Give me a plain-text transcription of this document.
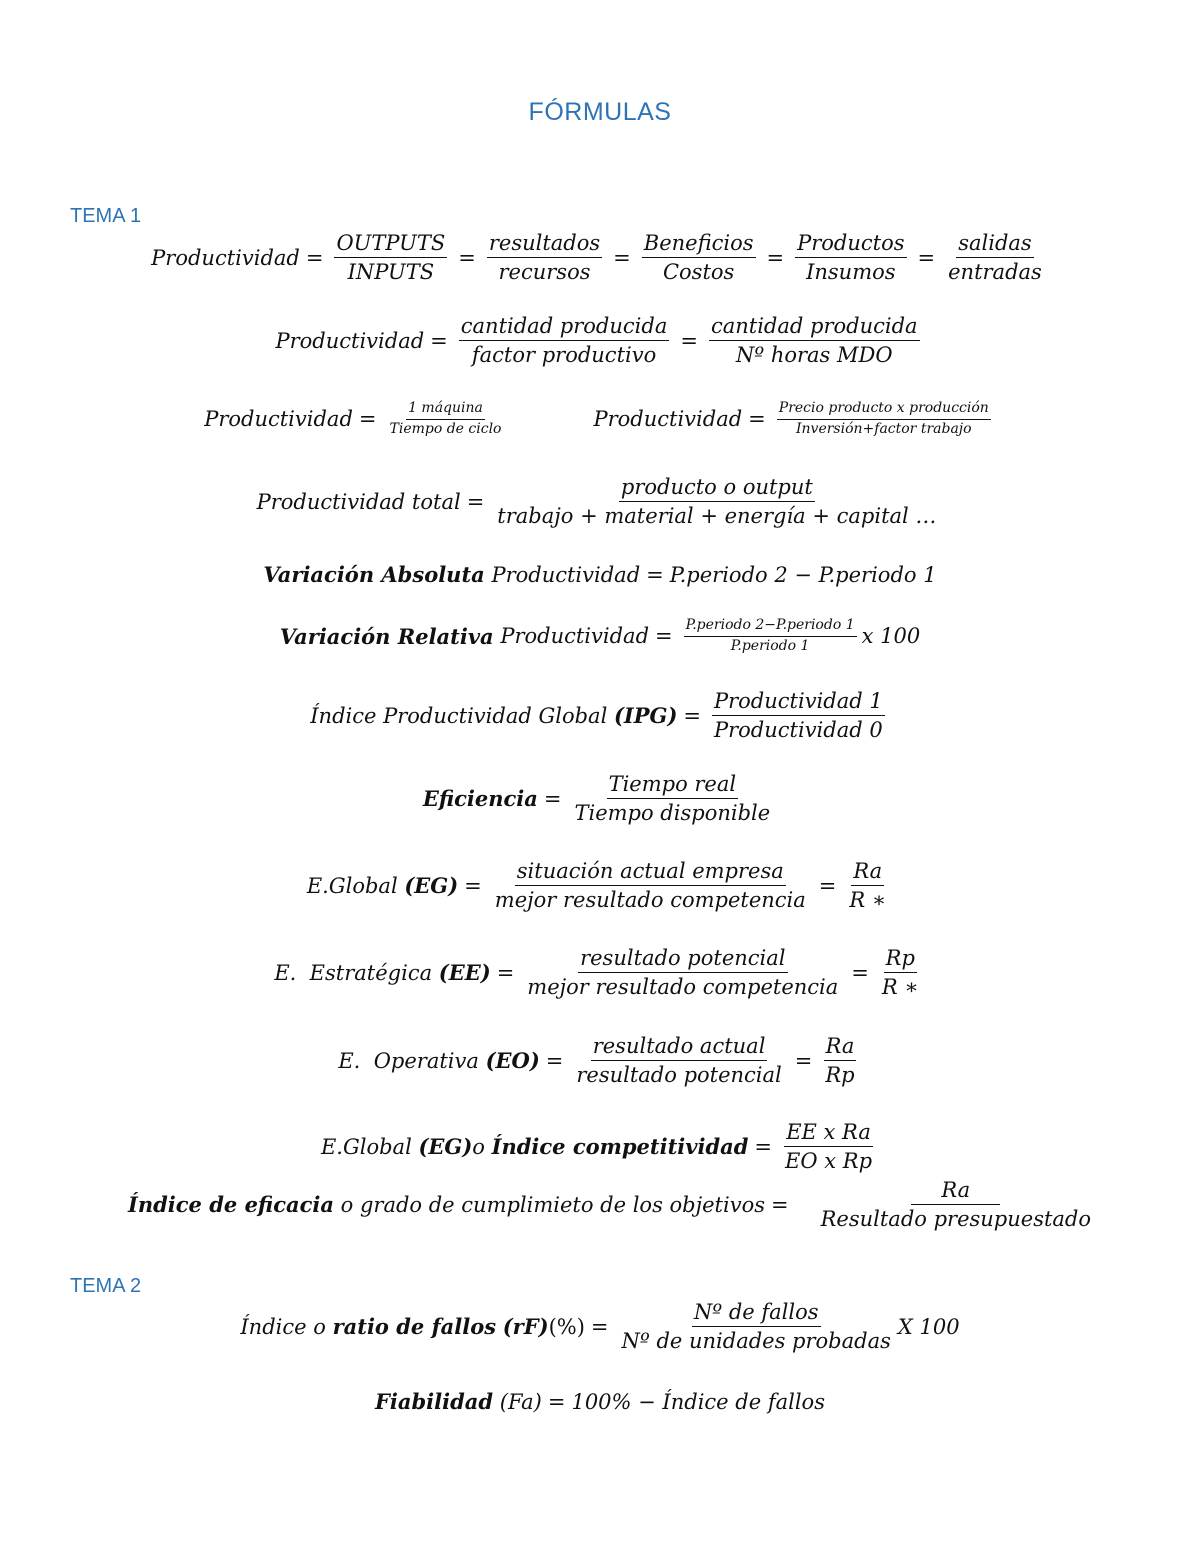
FÓRMULAS
TEMA 1
Productividad = $\frac{\text{OUTPUTS}}{\text{INPUTS}} = \frac{\text{resultados}}{\text{recursos}} = \frac{\text{Beneficios}}{\text{Costos}} = \frac{\text{Productos}}{\text{Insumos}} = \frac{\text{salidas}}{\text{entradas}}$
Productividad = $\frac{\text{cantidad producida}}{\text{factor productivo}} = \frac{\text{cantidad producida}}{\text{Nº horas MDO}}$
Productividad = $\frac{\text{1 máquina}}{\text{Tiempo de ciclo}}$	Productividad = $\frac{\text{Precio producto x producción}}{\text{Inversión+factor trabajo}}$
Productividad total = $\frac{\text{producto o output}}{\text{trabajo + material + energía + capital …}}$
Variación Absoluta
Productividad = P.periodo 2 − P.periodo 1
Variación Relativa
Productividad = $\frac{\text{P.periodo 2−P.periodo 1}}{\text{P.periodo 1}}$ x 100
Índice Productividad Global
$(IPG) = \frac{\text{Productividad 1}}{\text{Productividad 0}}$
Eficiencia = $\frac{\text{Tiempo real}}{\text{Tiempo disponible}}$
E.Global
$(EG) = \frac{\text{situación actual empresa}}{\text{mejor resultado competencia}} = \frac{Ra}{R ∗}$
E.  Estratégica
$(EE) = \frac{\text{resultado potencial}}{\text{mejor resultado competencia}} = \frac{Rp}{R ∗}$
E.  Operativa
$(EO) = \frac{\text{resultado actual}}{\text{resultado potencial}} = \frac{Ra}{Rp}$
E.Global
(EG) o
Índice competitividad = $\frac{\text{EE x Ra}}{\text{EO x Rp}}$
Índice de eficacia
o grado de cumplimieto de los objetivos = $\frac{Ra}{\text{Resultado presupuestado}}$
TEMA 2
Índice o
ratio de fallos
(rF) (%) = $\frac{\text{Nº de fallos}}{\text{Nº de unidades probadas}}$ X 100
Fiabilidad
(Fa) = 100% − Índice de fallos
